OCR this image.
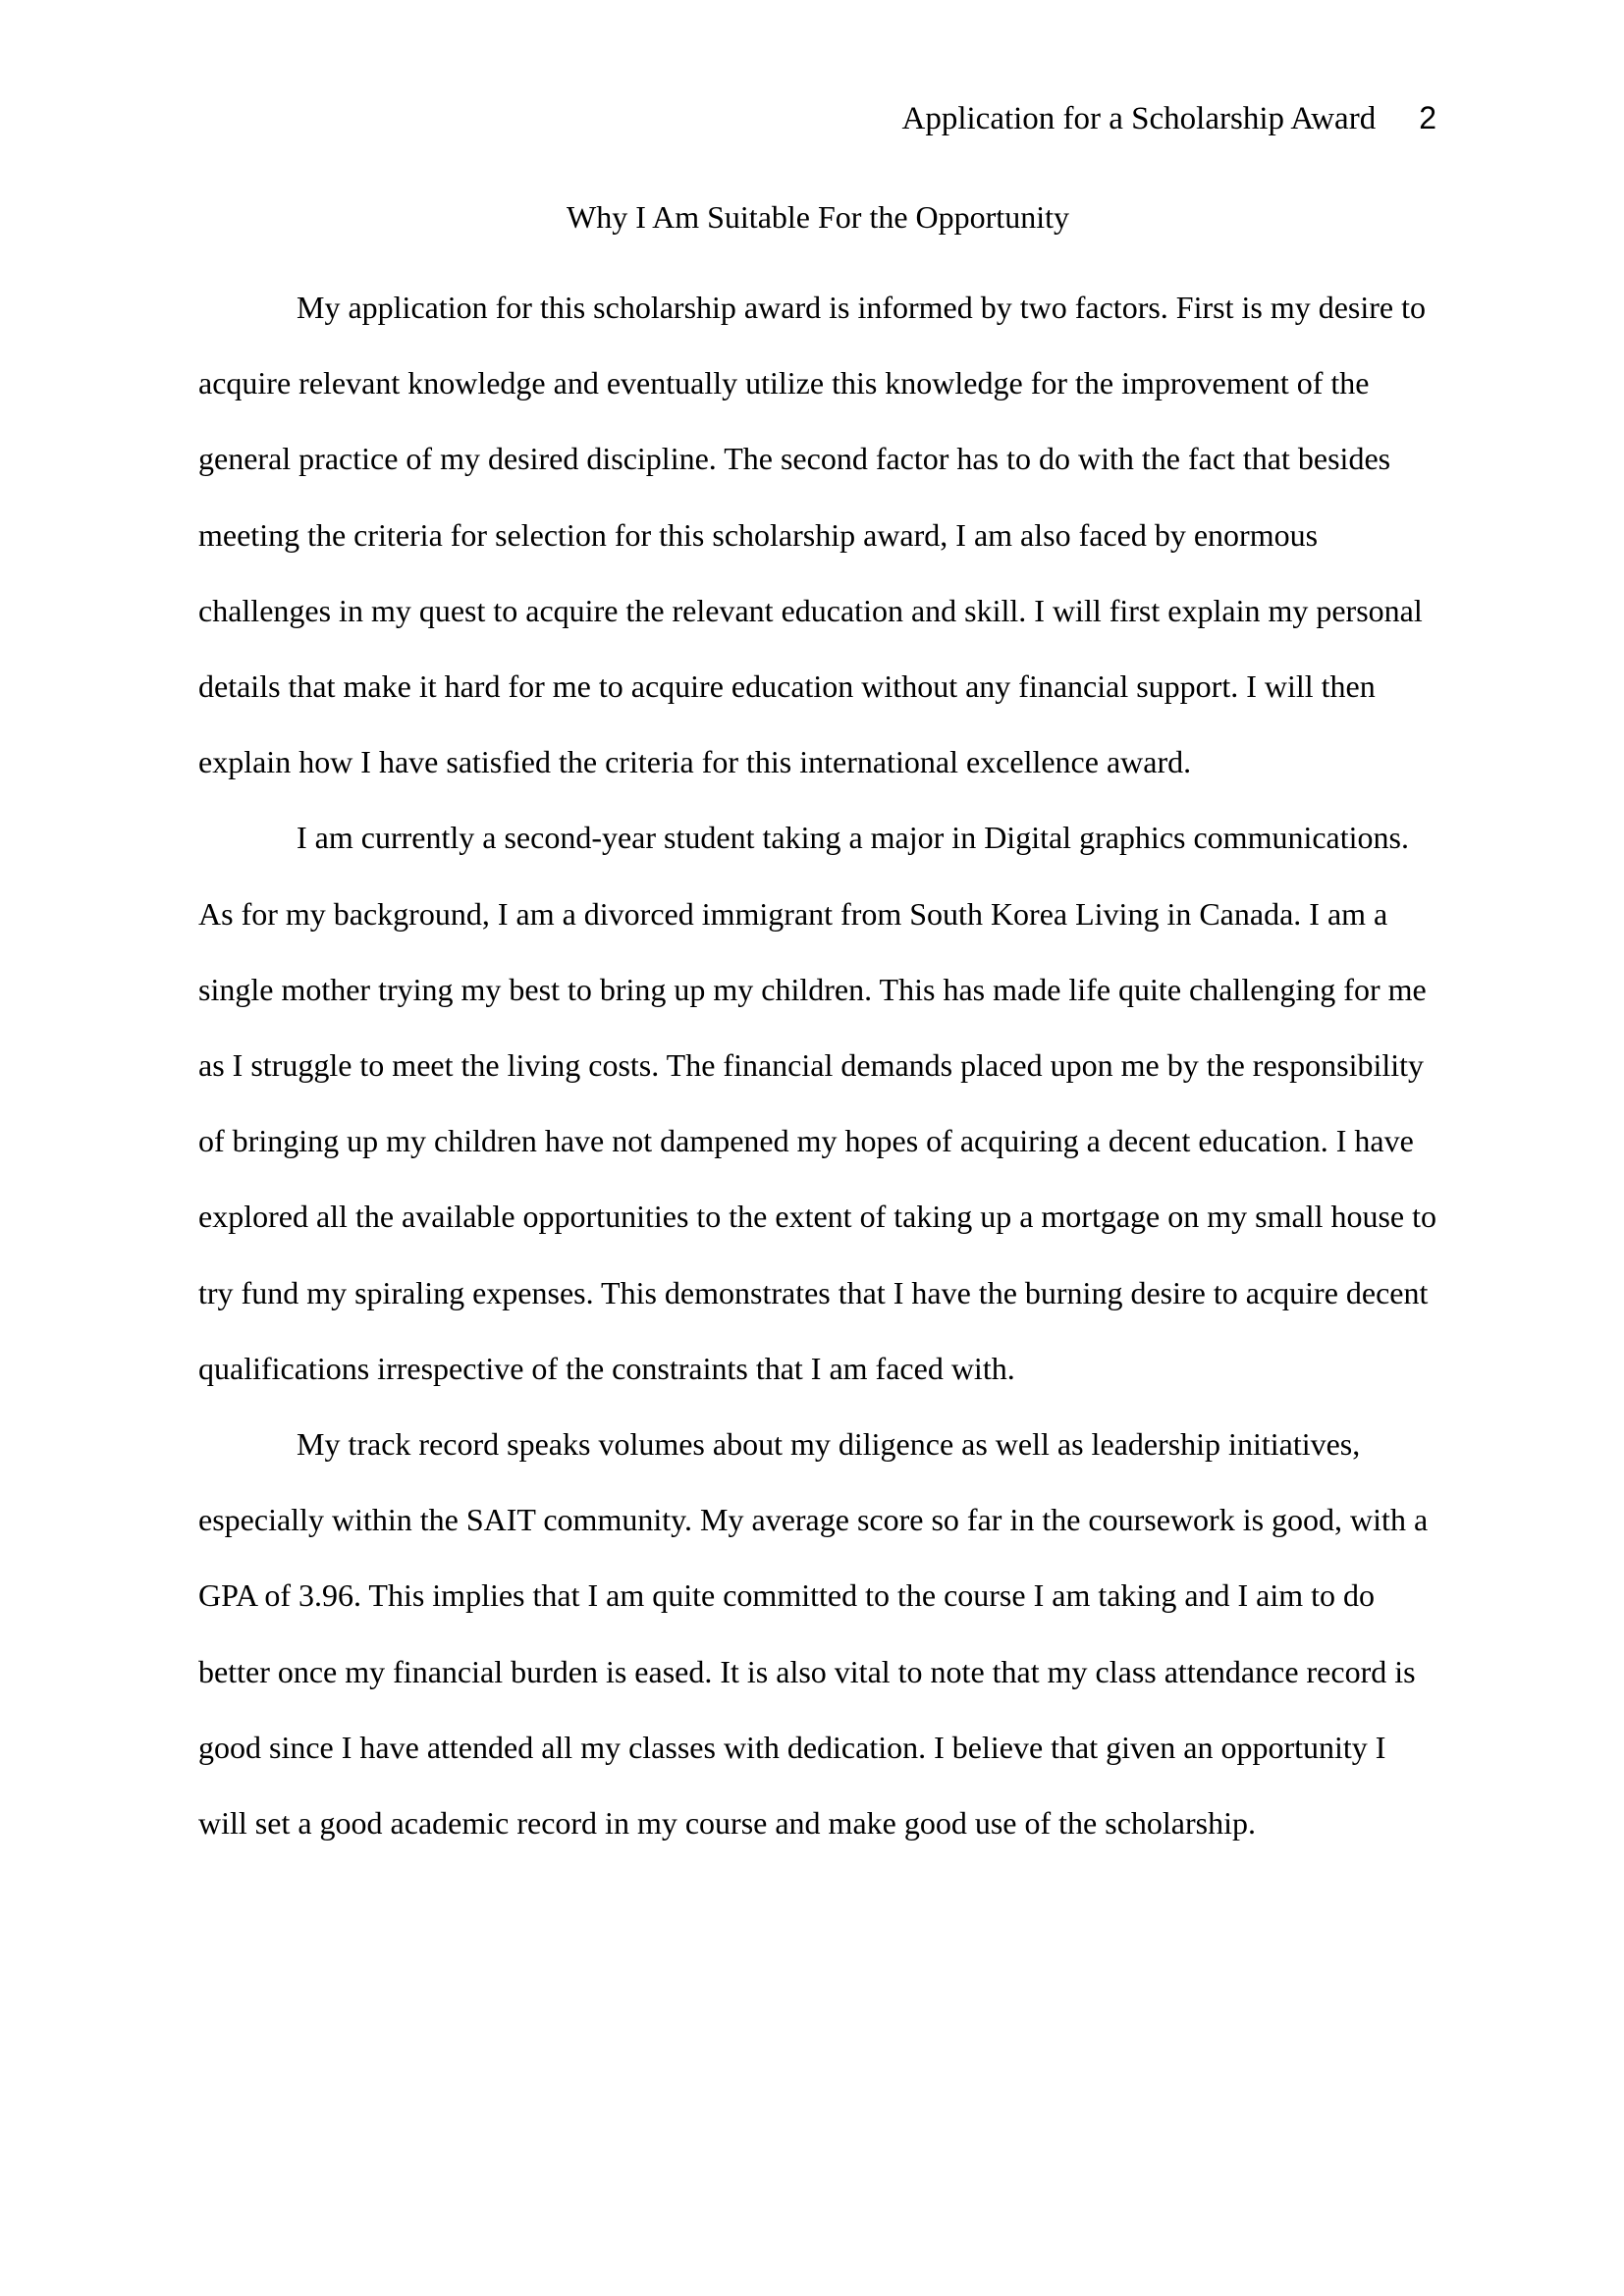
Application for a Scholarship Award 2
Why I Am Suitable For the Opportunity

My application for this scholarship award is informed by two factors. First is my desire to acquire relevant knowledge and eventually utilize this knowledge for the improvement of the general practice of my desired discipline. The second factor has to do with the fact that besides meeting the criteria for selection for this scholarship award, I am also faced by enormous challenges in my quest to acquire the relevant education and skill. I will first explain my personal details that make it hard for me to acquire education without any financial support. I will then explain how I have satisfied the criteria for this international excellence award.

I am currently a second-year student taking a major in Digital graphics communications. As for my background, I am a divorced immigrant from South Korea Living in Canada. I am a single mother trying my best to bring up my children. This has made life quite challenging for me as I struggle to meet the living costs. The financial demands placed upon me by the responsibility of bringing up my children have not dampened my hopes of acquiring a decent education. I have explored all the available opportunities to the extent of taking up a mortgage on my small house to try fund my spiraling expenses. This demonstrates that I have the burning desire to acquire decent qualifications irrespective of the constraints that I am faced with.

My track record speaks volumes about my diligence as well as leadership initiatives, especially within the SAIT community. My average score so far in the coursework is good, with a GPA of 3.96. This implies that I am quite committed to the course I am taking and I aim to do better once my financial burden is eased. It is also vital to note that my class attendance record is good since I have attended all my classes with dedication. I believe that given an opportunity I will set a good academic record in my course and make good use of the scholarship.
